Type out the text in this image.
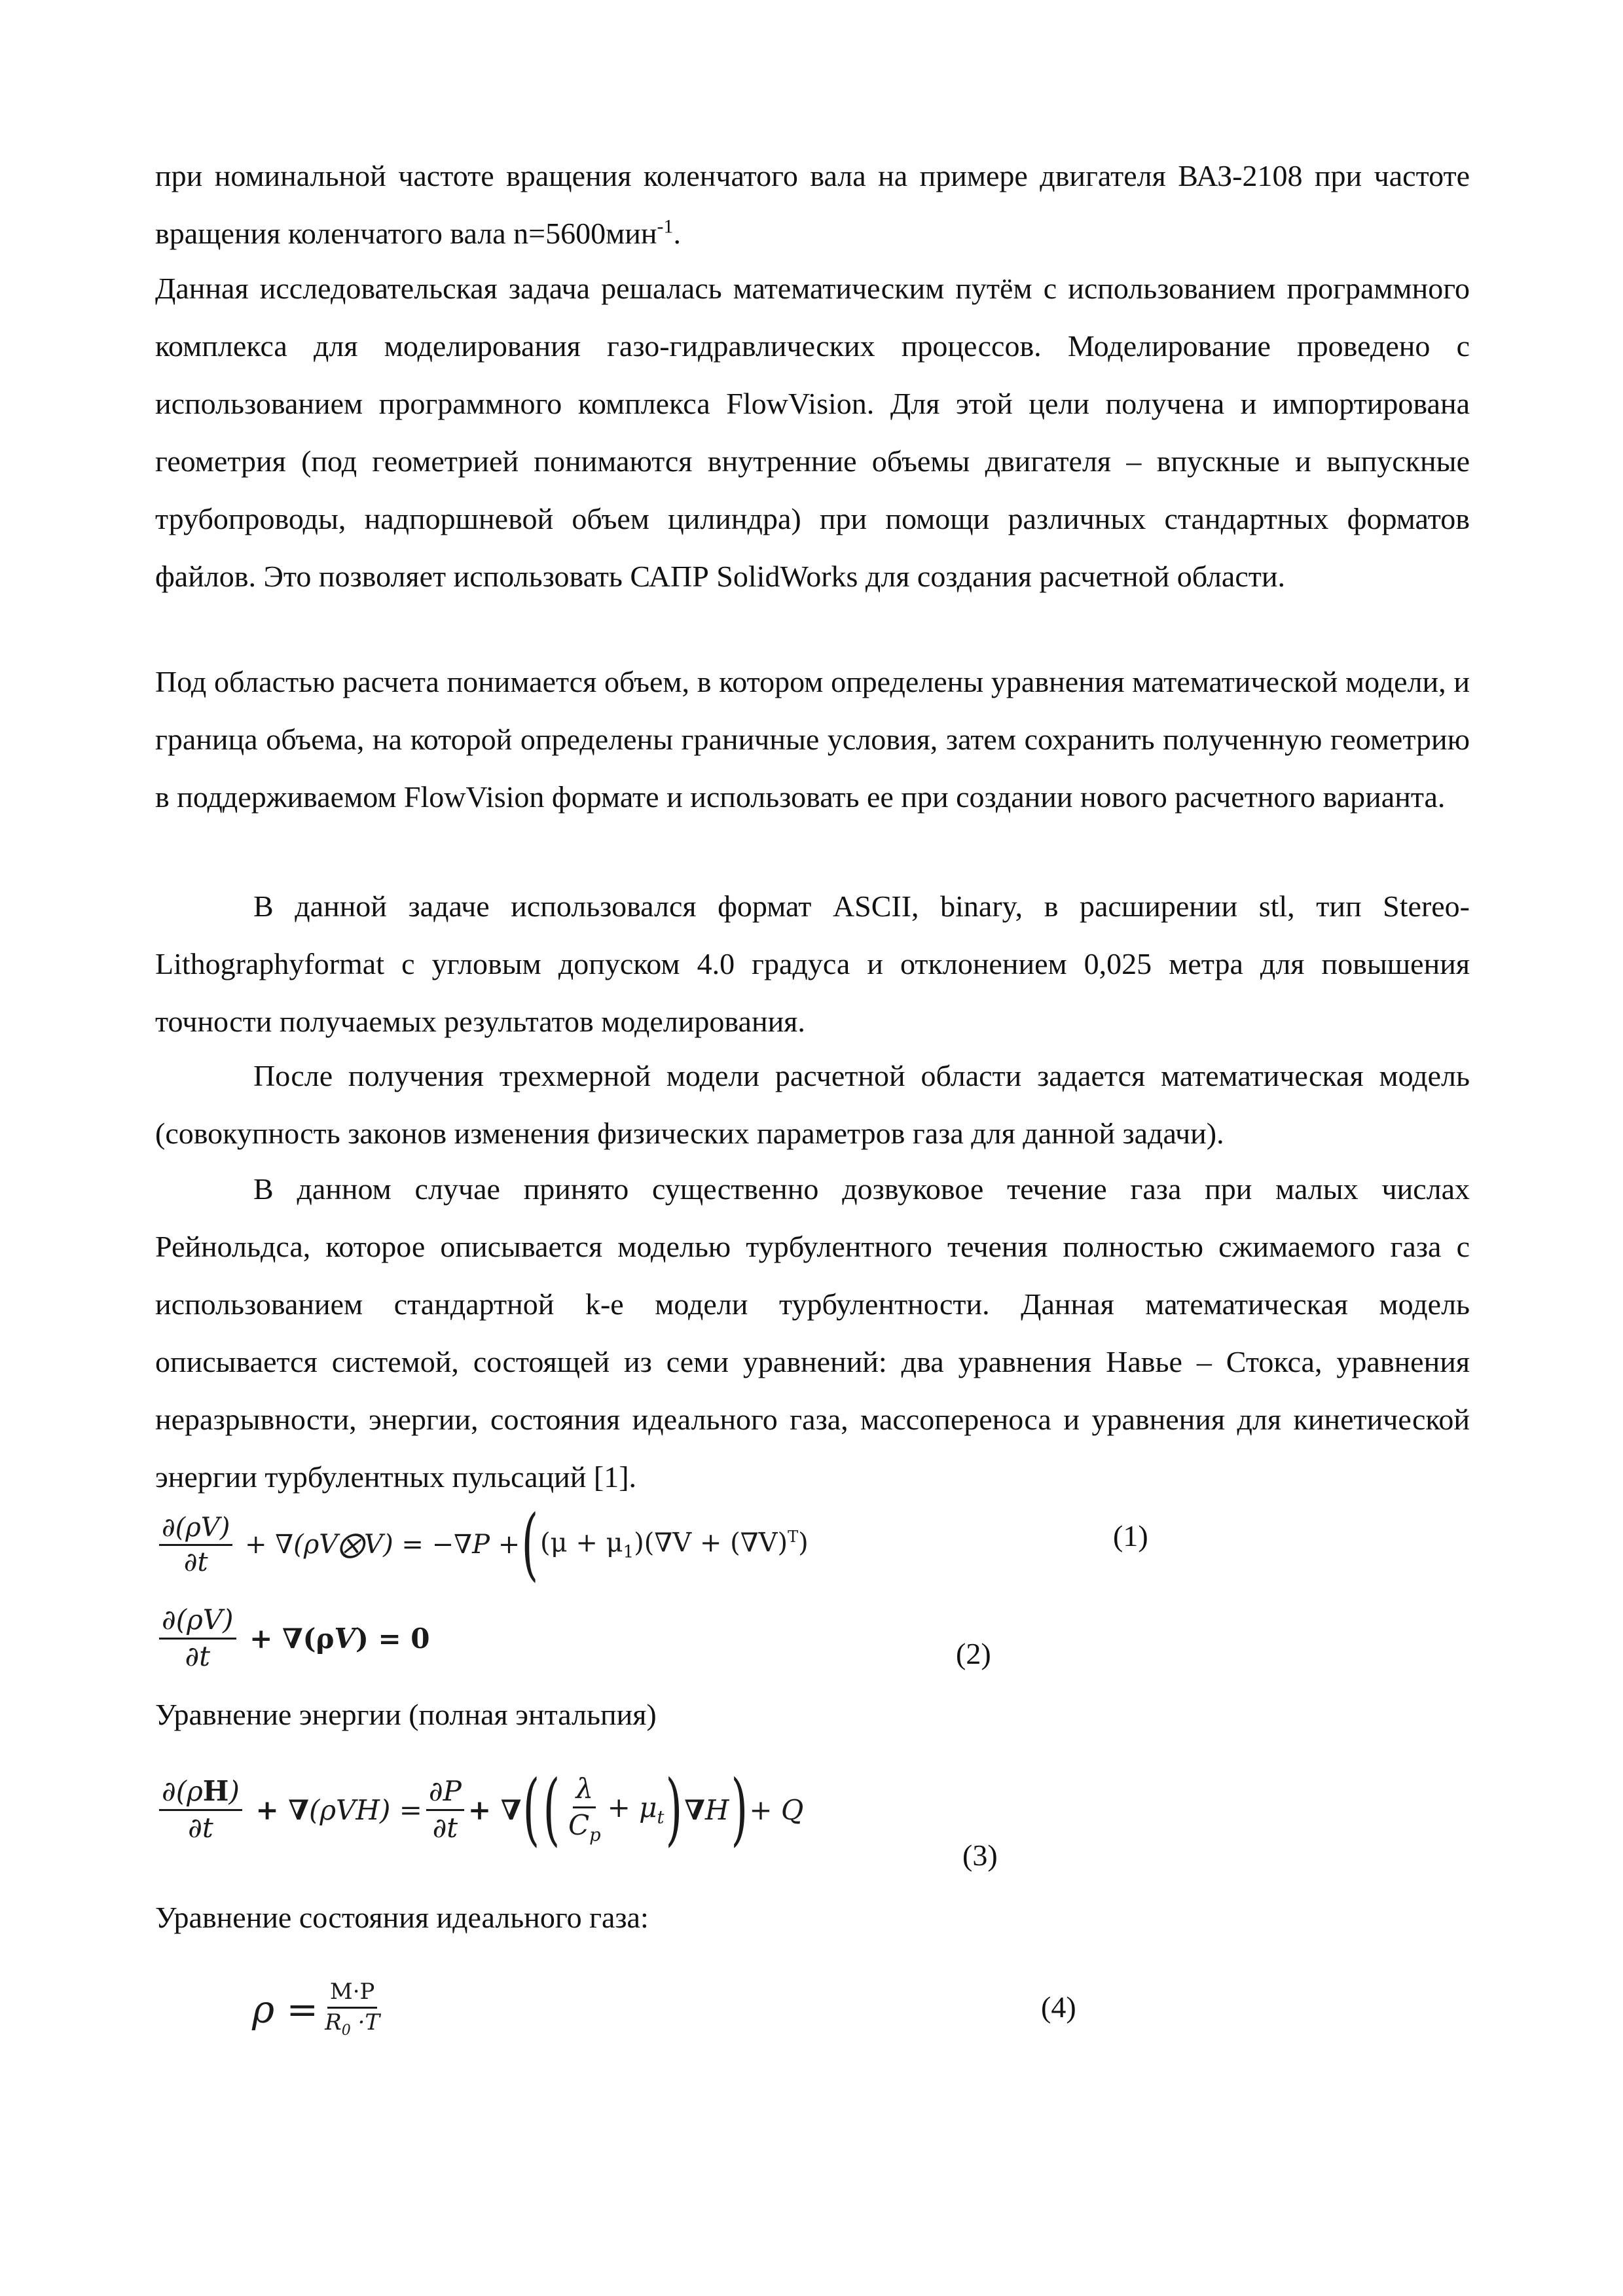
при номинальной частоте вращения коленчатого вала на примере двигателя ВАЗ-2108 при частоте вращения коленчатого вала n=5600мин$^{-1}$.

Данная исследовательская задача решалась математическим путём с использованием программного комплекса для моделирования газо-гидравлических процессов. Моделирование проведено с использованием программного комплекса FlowVision. Для этой цели получена и импортирована геометрия (под геометрией понимаются внутренние объемы двигателя – впускные и выпускные трубопроводы, надпоршневой объем цилиндра) при помощи различных стандартных форматов файлов. Это позволяет использовать САПР SolidWorks для создания расчетной области.

Под областью расчета понимается объем, в котором определены уравнения математической модели, и граница объема, на которой определены граничные условия, затем сохранить полученную геометрию в поддерживаемом FlowVision формате и использовать ее при создании нового расчетного варианта.

В данной задаче использовался формат ASCII, binary, в расширении stl, тип Stereo-Lithographyformat с угловым допуском 4.0 градуса и отклонением 0,025 метра для повышения точности получаемых результатов моделирования.

После получения трехмерной модели расчетной области задается математическая модель (совокупность законов изменения физических параметров газа для данной задачи).

В данном случае принято существенно дозвуковое течение газа при малых числах Рейнольдса, которое описывается моделью турбулентного течения полностью сжимаемого газа с использованием стандартной k-e модели турбулентности. Данная математическая модель описывается системой, состоящей из семи уравнений: два уравнения Навье – Стокса, уравнения неразрывности, энергии, состояния идеального газа, массопереноса и уравнения для кинетической энергии турбулентных пульсаций [1].

$\frac{\partial(\rho V)}{\partial t}$ + ∇(ρV⨂V) = −∇P + ( $(\mu + \mu_1)(\nabla V + (\nabla V)^T)$	(1)
$\frac{\partial(\rho V)}{\partial t} + \nabla(\rho V) = 0$	(2)

Уравнение энергии (полная энтальпия)

$\frac{\partial(\rho H)}{\partial t} + \nabla(\rho VH) = \frac{\partial P}{\partial t}$ + ∇ ( ( $\frac{\lambda}{C_p} + \mu_t$ ) ∇H ) + Q
(3)

Уравнение состояния идеального газа:

$\rho = \frac{M\cdot P}{R_0 \cdot T}$	(4)
